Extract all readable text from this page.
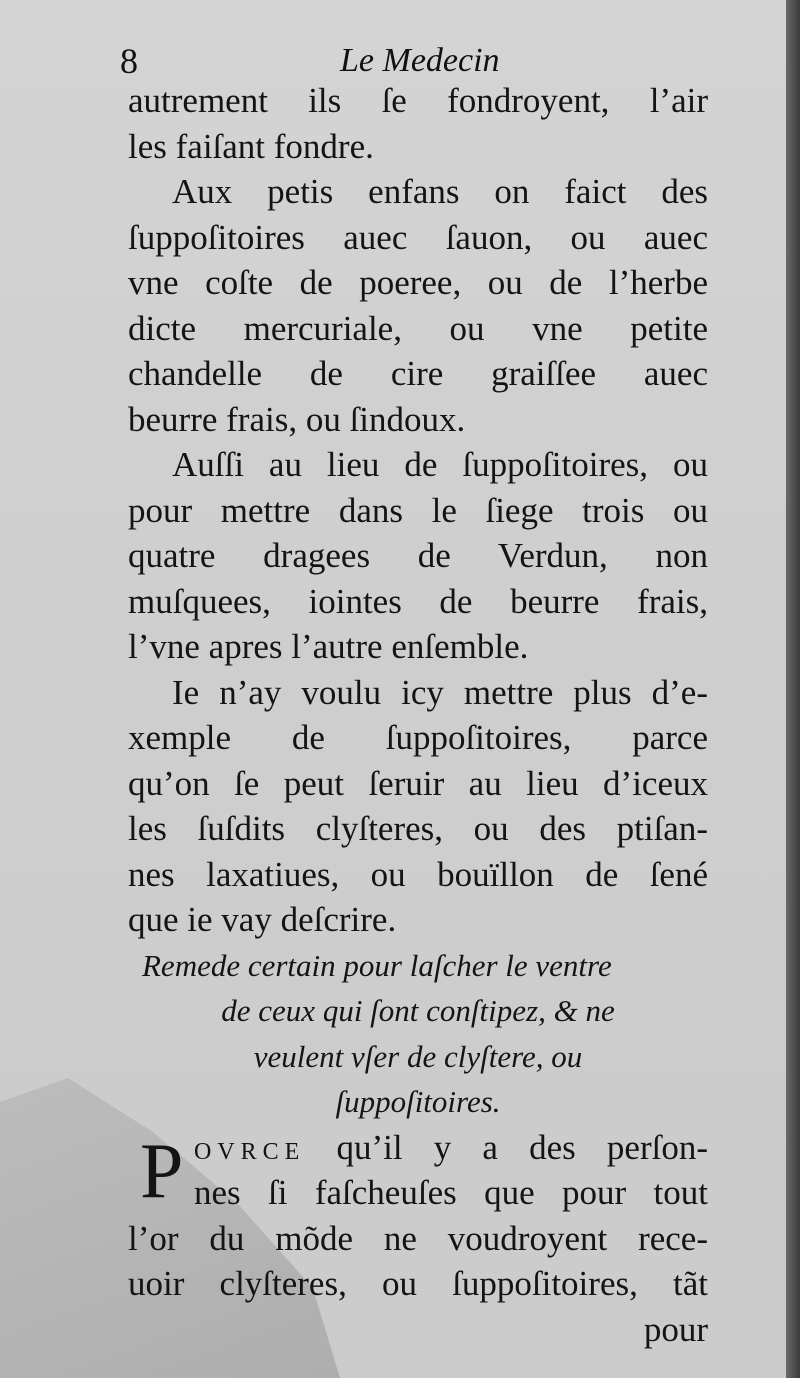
8	Le Medecin
autrement ils ſe fondroyent, l’air
les faiſant fondre.
Aux petis enfans on faict des
ſuppoſitoires auec ſauon, ou auec
vne coſte de poeree, ou de l’herbe
dicte mercuriale, ou vne petite
chandelle de cire graiſſee auec
beurre frais, ou ſindoux.
Auſſi au lieu de ſuppoſitoires, ou
pour mettre dans le ſiege trois ou
quatre dragees de Verdun, non
muſquees, iointes de beurre frais,
l’vne apres l’autre enſemble.
Ie n’ay voulu icy mettre plus d’e-
xemple de ſuppoſitoires, parce
qu’on ſe peut ſeruir au lieu d’iceux
les ſuſdits clyſteres, ou des ptiſan-
nes laxatiues, ou bouïllon de ſené
que ie vay deſcrire.
Remede certain pour laſcher le ventre
de ceux qui ſont conſtipez, & ne
veulent vſer de clyſtere, ou
ſuppoſitoires.
P OVRCE qu’il y a des perſon-
nes ſi faſcheuſes que pour tout
l’or du mõde ne voudroyent rece-
uoir clyſteres, ou ſuppoſitoires, tãt
pour
